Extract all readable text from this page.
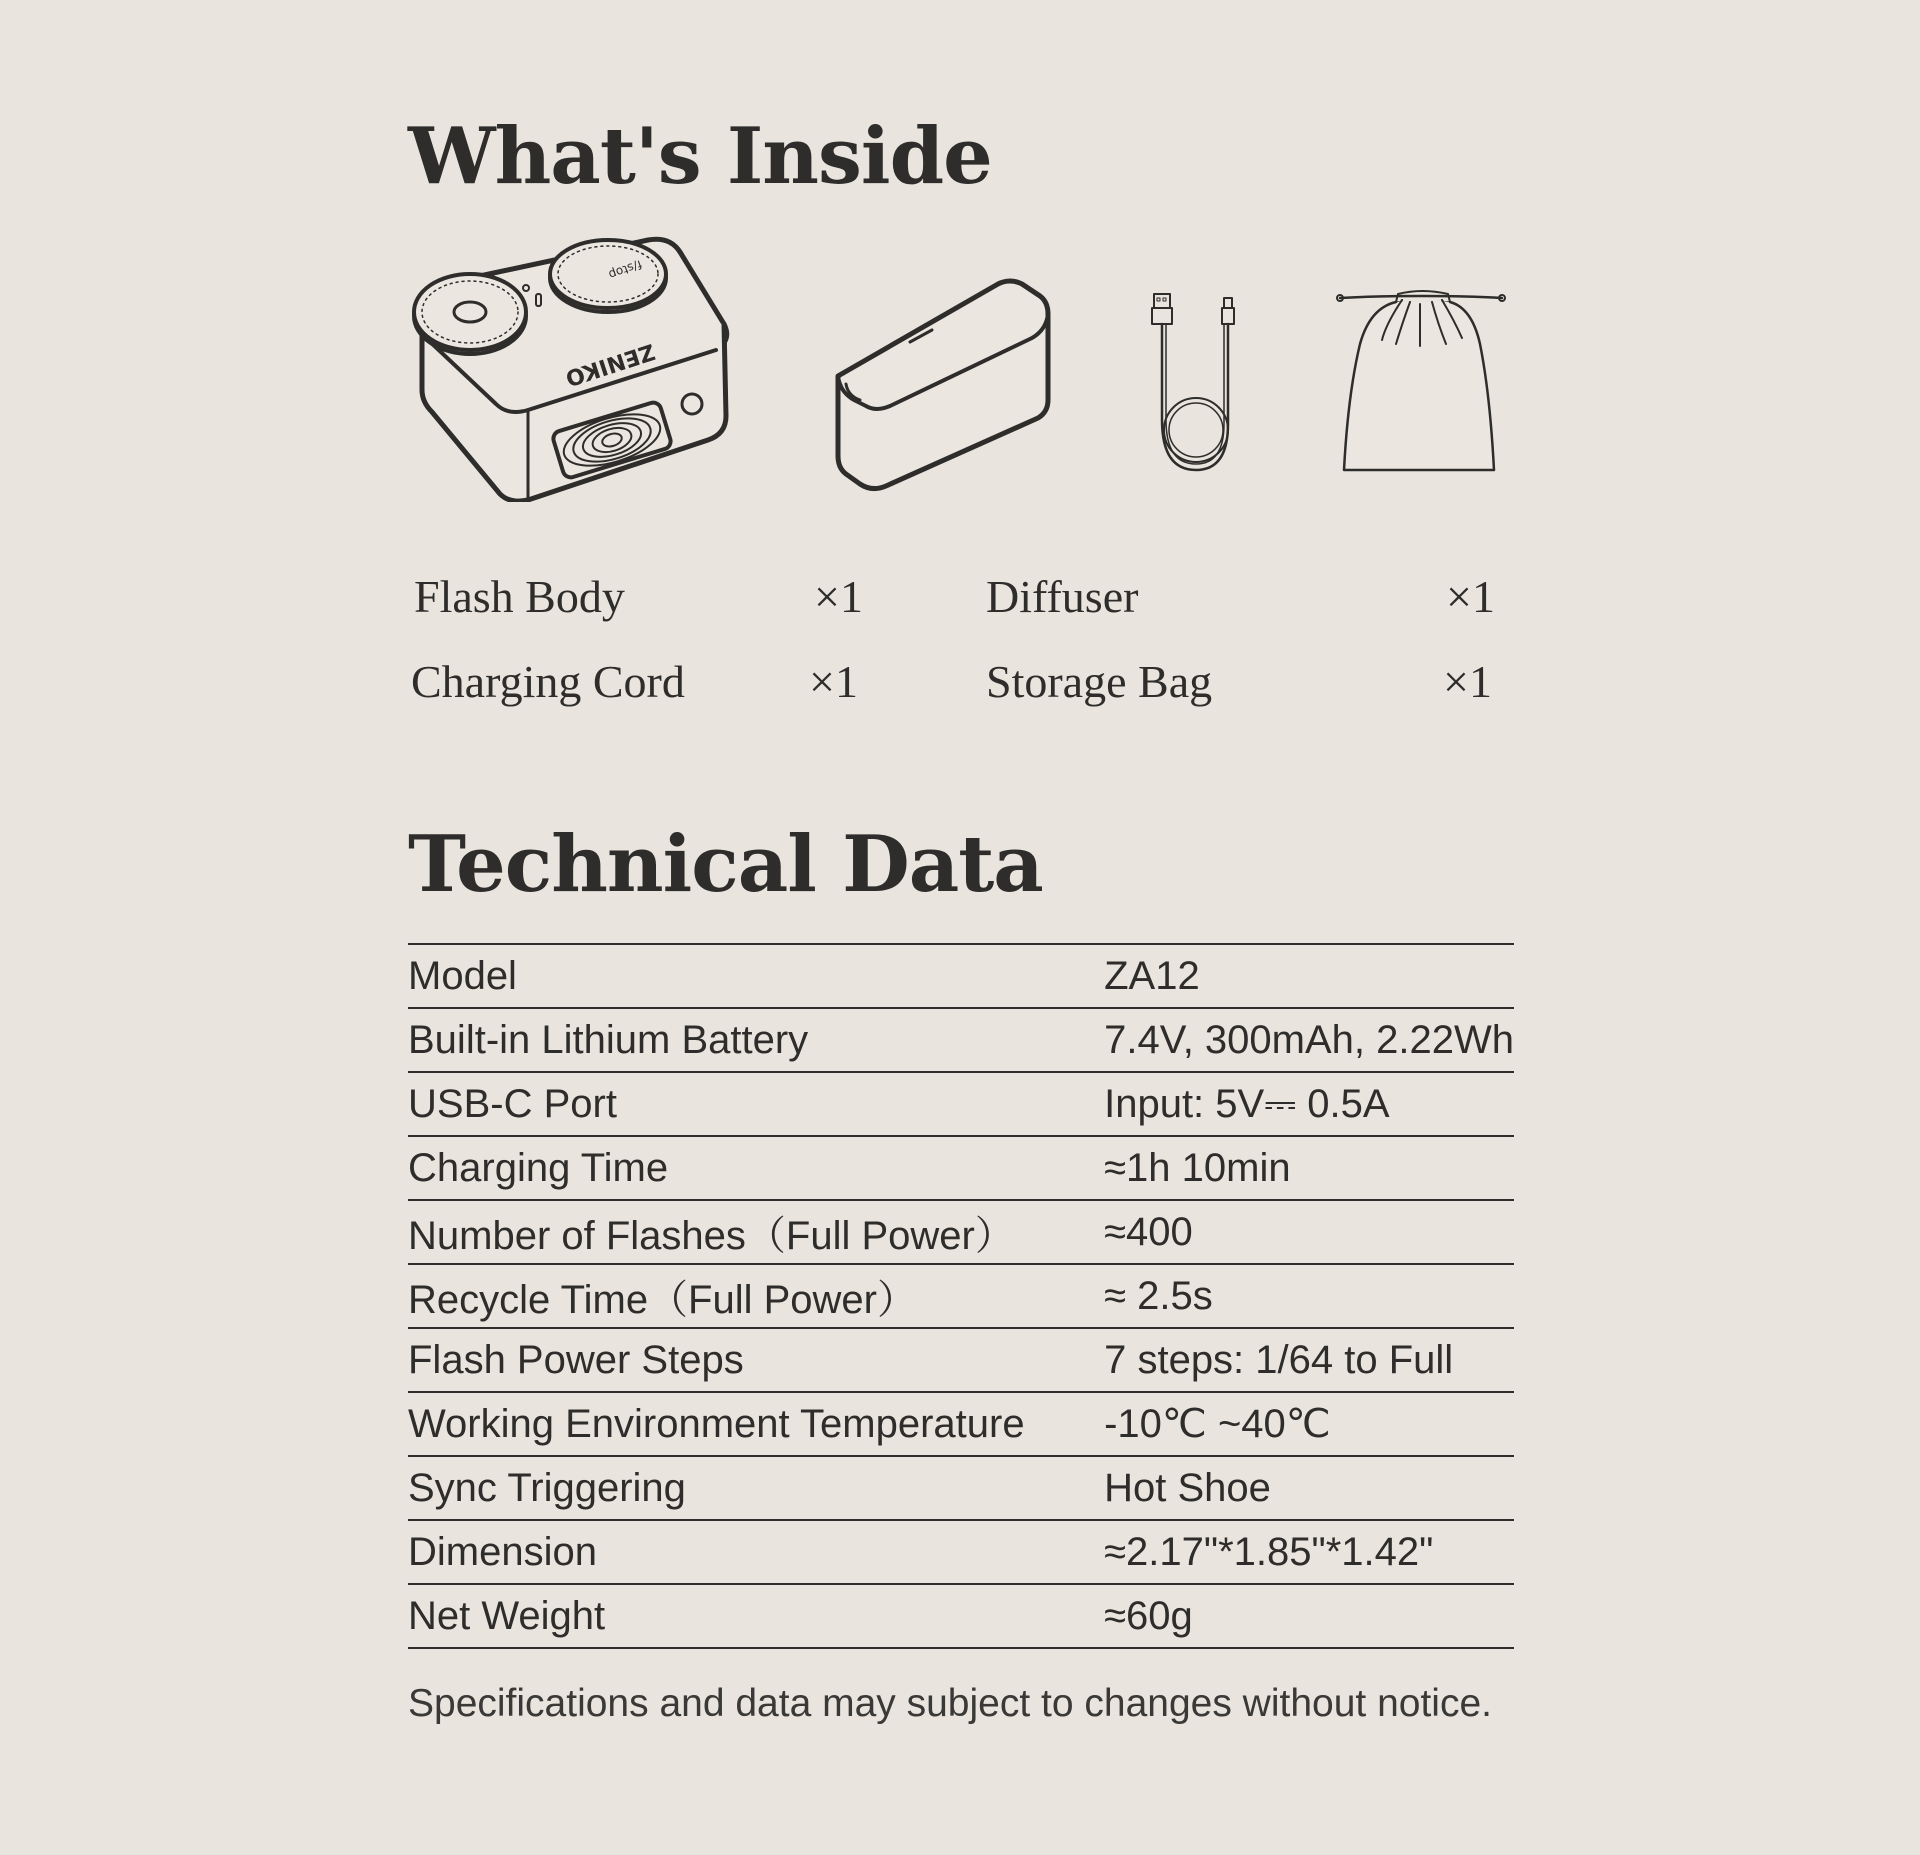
What's Inside
ZENIKO
f/stop
Flash Body	×1	Diffuser	×1
Charging Cord	×1	Storage Bag	×1
Technical Data
Model	ZA12
Built-in Lithium Battery	7.4V, 300mAh, 2.22Wh
USB-C Port	Input: 5V⎓ 0.5A
Charging Time	≈1h 10min
Number of Flashes（Full Power）	≈400
Recycle Time（Full Power）	≈ 2.5s
Flash Power Steps	7 steps: 1/64 to Full
Working Environment Temperature	-10℃ ~40℃
Sync Triggering	Hot Shoe
Dimension	≈2.17"*1.85"*1.42"
Net Weight	≈60g
Specifications and data may subject to changes without notice.
